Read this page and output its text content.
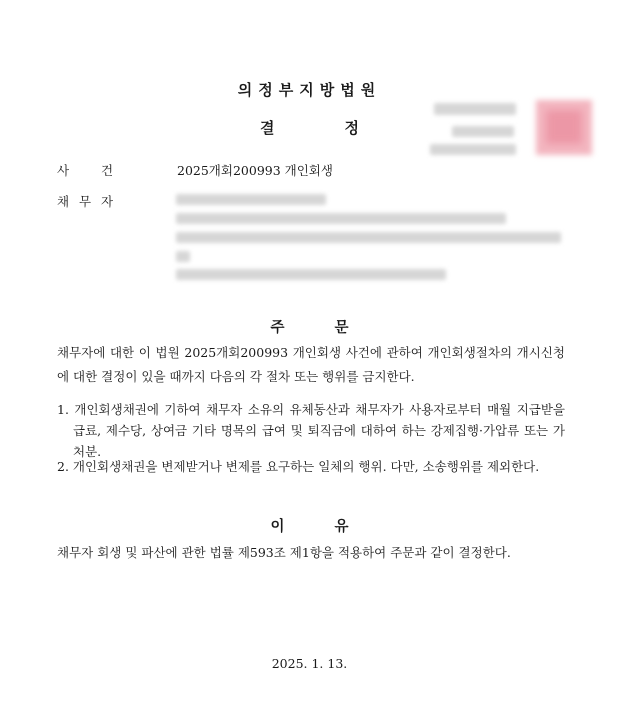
의정부지방법원
결	정
사	건	2025개회200993 개인회생
채 무 자
주	문
채무자에 대한 이 법원 2025개회200993 개인회생 사건에 관하여 개인회생절차의 개시신청에 대한 결정이 있을 때까지 다음의 각 절차 또는 행위를 금지한다.
1. 개인회생채권에 기하여 채무자 소유의 유체동산과 채무자가 사용자로부터 매월 지급받을 급료, 제수당, 상여금 기타 명목의 급여 및 퇴직금에 대하여 하는 강제집행·가압류 또는 가처분.
2. 개인회생채권을 변제받거나 변제를 요구하는 일체의 행위. 다만, 소송행위를 제외한다.
이	유
채무자 회생 및 파산에 관한 법률 제593조 제1항을 적용하여 주문과 같이 결정한다.
2025. 1. 13.
